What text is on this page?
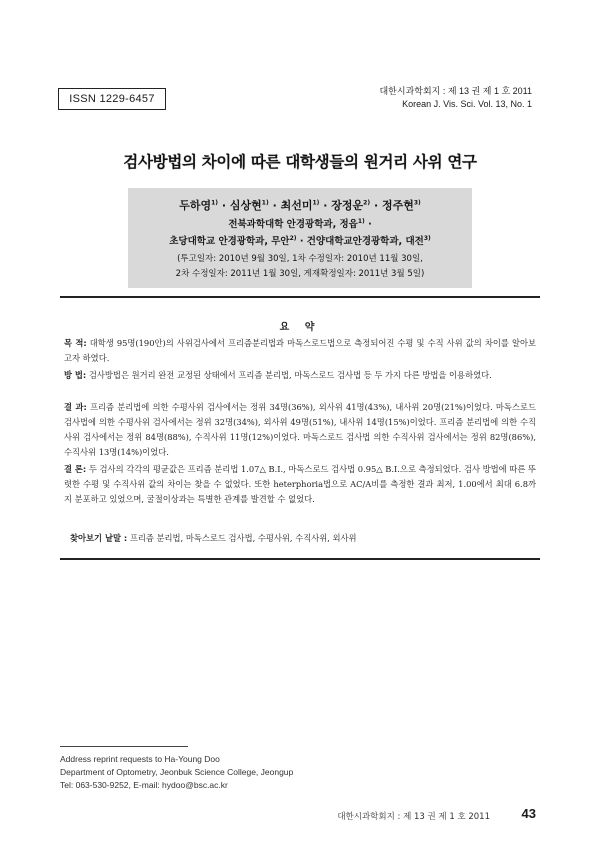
ISSN 1229-6457
대한시과학회지 : 제 13 권 제 1 호 2011
Korean J. Vis. Sci. Vol. 13, No. 1
검사방법의 차이에 따른 대학생들의 원거리 사위 연구
두하영$^{1)}$ · 심상현$^{1)}$ · 최선미$^{1)}$ · 장정운$^{2)}$ · 정주현$^{3)}$
전북과학대학 안경광학과, 정읍$^{1)}$ ·
초당대학교 안경광학과, 무안$^{2)}$ · 건양대학교안경광학과, 대전$^{3)}$
(투고일자: 2010년 9월 30일, 1차 수정일자: 2010년 11월 30일,
2차 수정일자: 2011년 1월 30일, 게재확정일자: 2011년 3월 5일)
요 약
목 적: 대학생 95명(190안)의 사위검사에서 프리즘분리법과 마독스로드법으로 측정되어진 수평 및 수직 사위 값의 차이를 알아보고자 하였다.
방 법: 검사방법은 원거리 완전 교정된 상태에서 프리즘 분리법, 마독스로드 검사법 등 두 가지 다른 방법을 이용하였다.
결 과: 프리즘 분리법에 의한 수평사위 검사에서는 정위 34명(36%), 외사위 41명(43%), 내사위 20명(21%)이었다. 마독스로드 검사법에 의한 수평사위 검사에서는 정위 32명(34%), 외사위 49명(51%), 내사위 14명(15%)이었다. 프리즘 분리법에 의한 수직사위 검사에서는 정위 84명(88%), 수직사위 11명(12%)이었다. 마독스로드 검사법 의한 수직사위 검사에서는 정위 82명(86%), 수직사위 13명(14%)이었다.
결 론: 두 검사의 각각의 평균값은 프리즘 분리법 1.07△ B.I., 마독스로드 검사법 0.95△ B.I.으로 측정되었다. 검사 방법에 따른 뚜렷한 수평 및 수직사위 값의 차이는 찾을 수 없었다. 또한 heterphoria법으로 AC/A비를 측정한 결과 최저, 1.00에서 최대 6.8까지 분포하고 있었으며, 굴절이상과는 특별한 관계를 발견할 수 없었다.
찾아보기 낱말 : 프리즘 분리법, 마독스로드 검사법, 수평사위, 수직사위, 외사위
Address reprint requests to Ha-Young Doo
Department of Optometry, Jeonbuk Science College, Jeongup
Tel: 063-530-9252, E-mail: hydoo@bsc.ac.kr
대한시과학회지 : 제 13 권 제 1 호 2011 43
